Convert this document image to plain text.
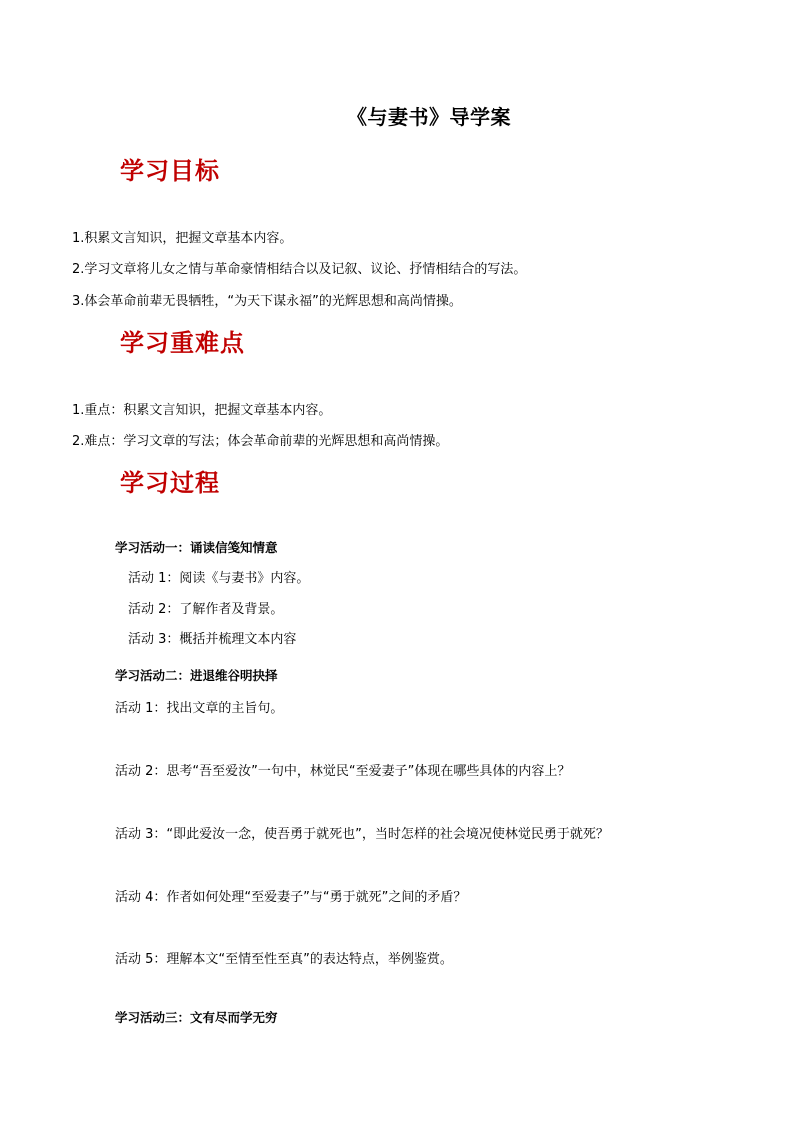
《与妻书》导学案
学习目标
1.积累文言知识，把握文章基本内容。
2.学习文章将儿女之情与革命豪情相结合以及记叙、议论、抒情相结合的写法。
3.体会革命前辈无畏牺牲，“为天下谋永福”的光辉思想和高尚情操。
学习重难点
1.重点：积累文言知识，把握文章基本内容。
2.难点：学习文章的写法；体会革命前辈的光辉思想和高尚情操。
学习过程
学习活动一：诵读信笺知情意
活动 1：阅读《与妻书》内容。
活动 2：了解作者及背景。
活动 3：概括并梳理文本内容
学习活动二：进退维谷明抉择
活动 1：找出文章的主旨句。
活动 2：思考“吾至爱汝”一句中，林觉民“至爱妻子”体现在哪些具体的内容上？
活动 3：“即此爱汝一念，使吾勇于就死也”，当时怎样的社会境况使林觉民勇于就死？
活动 4：作者如何处理“至爱妻子”与“勇于就死”之间的矛盾？
活动 5：理解本文“至情至性至真”的表达特点，举例鉴赏。
学习活动三：文有尽而学无穷
